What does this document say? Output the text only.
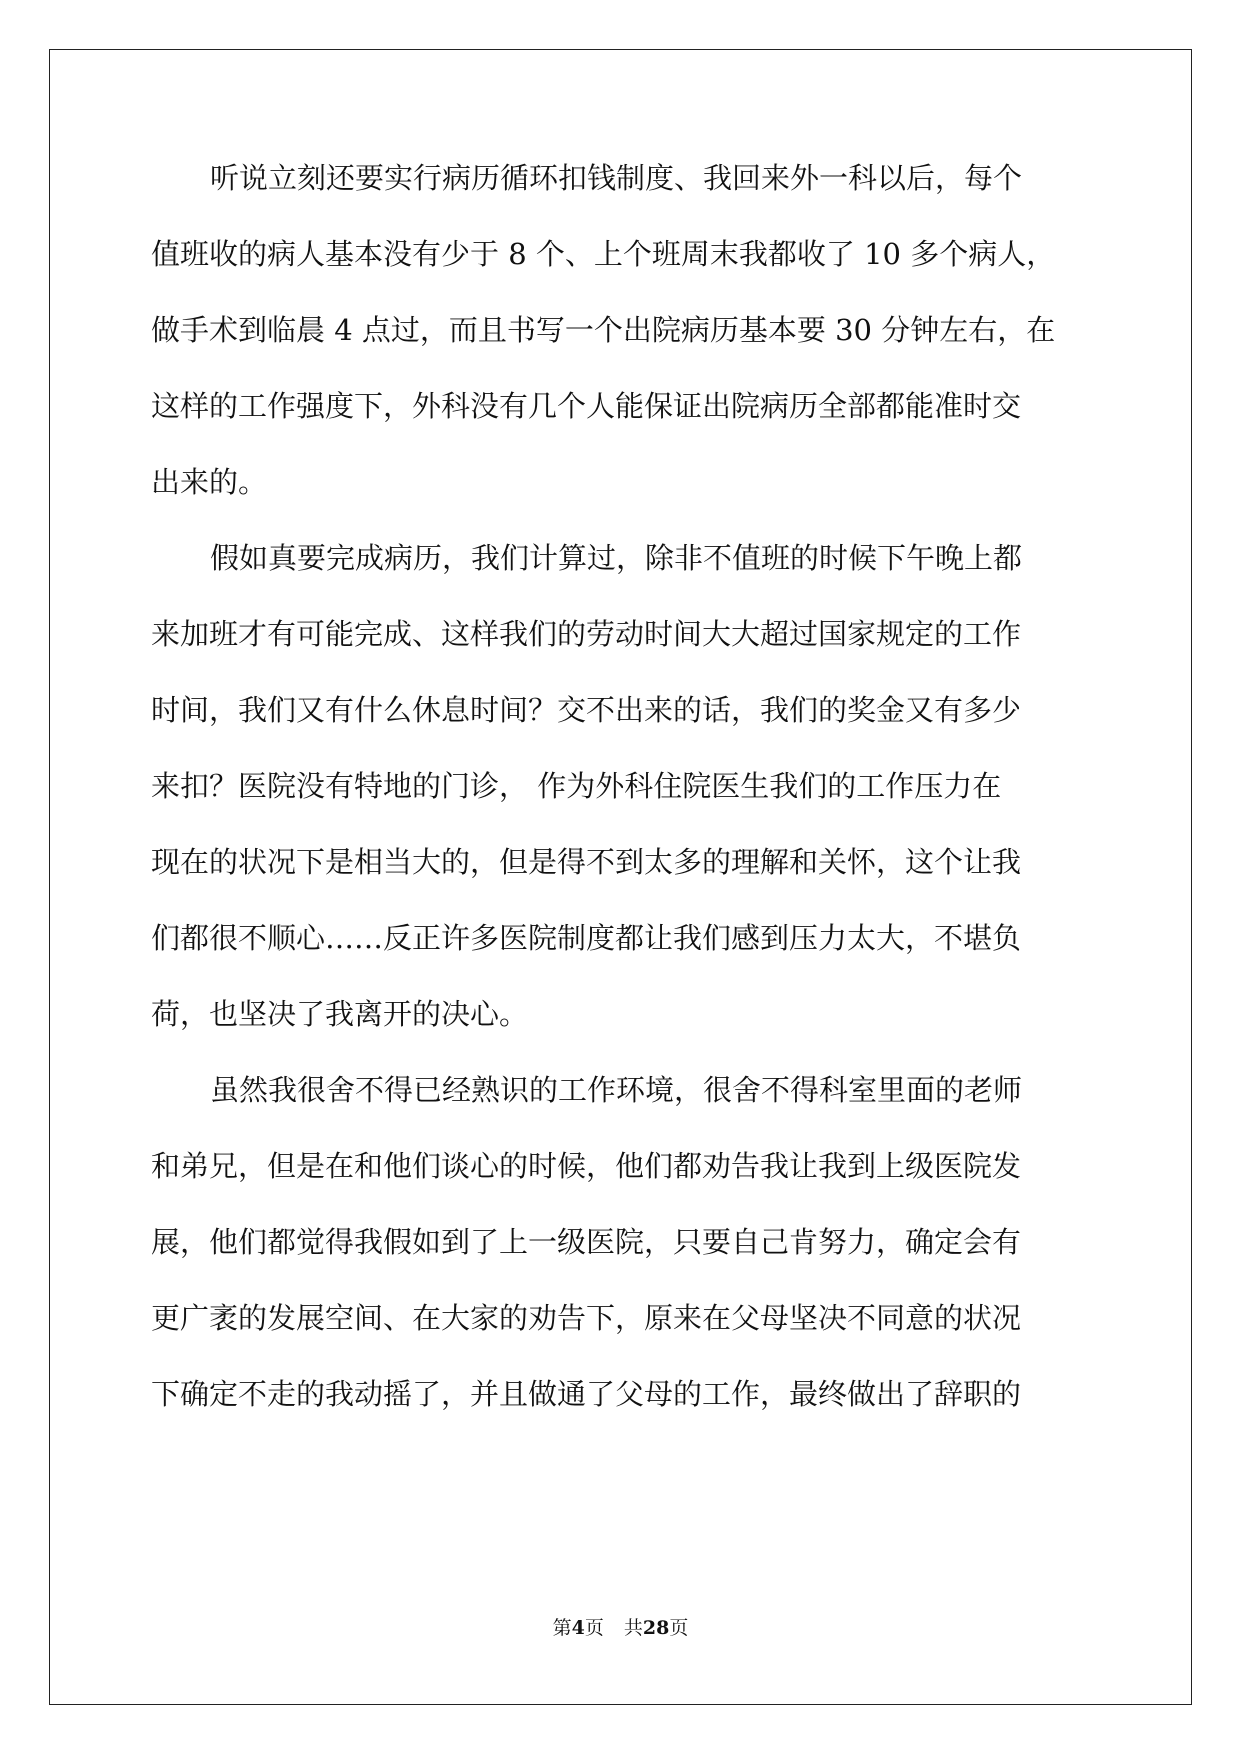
听说立刻还要实行病历循环扣钱制度、我回来外一科以后，每个
值班收的病人基本没有少于 8 个、上个班周末我都收了 10 多个病人，
做手术到临晨 4 点过，而且书写一个出院病历基本要 30 分钟左右，在
这样的工作强度下，外科没有几个人能保证出院病历全部都能准时交
出来的。
假如真要完成病历，我们计算过，除非不值班的时候下午晚上都
来加班才有可能完成、这样我们的劳动时间大大超过国家规定的工作
时间，我们又有什么休息时间？交不出来的话，我们的奖金又有多少
来扣？医院没有特地的门诊， 作为外科住院医生我们的工作压力在
现在的状况下是相当大的，但是得不到太多的理解和关怀，这个让我
们都很不顺心……反正许多医院制度都让我们感到压力太大，不堪负
荷，也坚决了我离开的决心。
虽然我很舍不得已经熟识的工作环境，很舍不得科室里面的老师
和弟兄，但是在和他们谈心的时候，他们都劝告我让我到上级医院发
展，他们都觉得我假如到了上一级医院，只要自己肯努力，确定会有
更广袤的发展空间、在大家的劝告下，原来在父母坚决不同意的状况
下确定不走的我动摇了，并且做通了父母的工作，最终做出了辞职的
第4页 共28页
